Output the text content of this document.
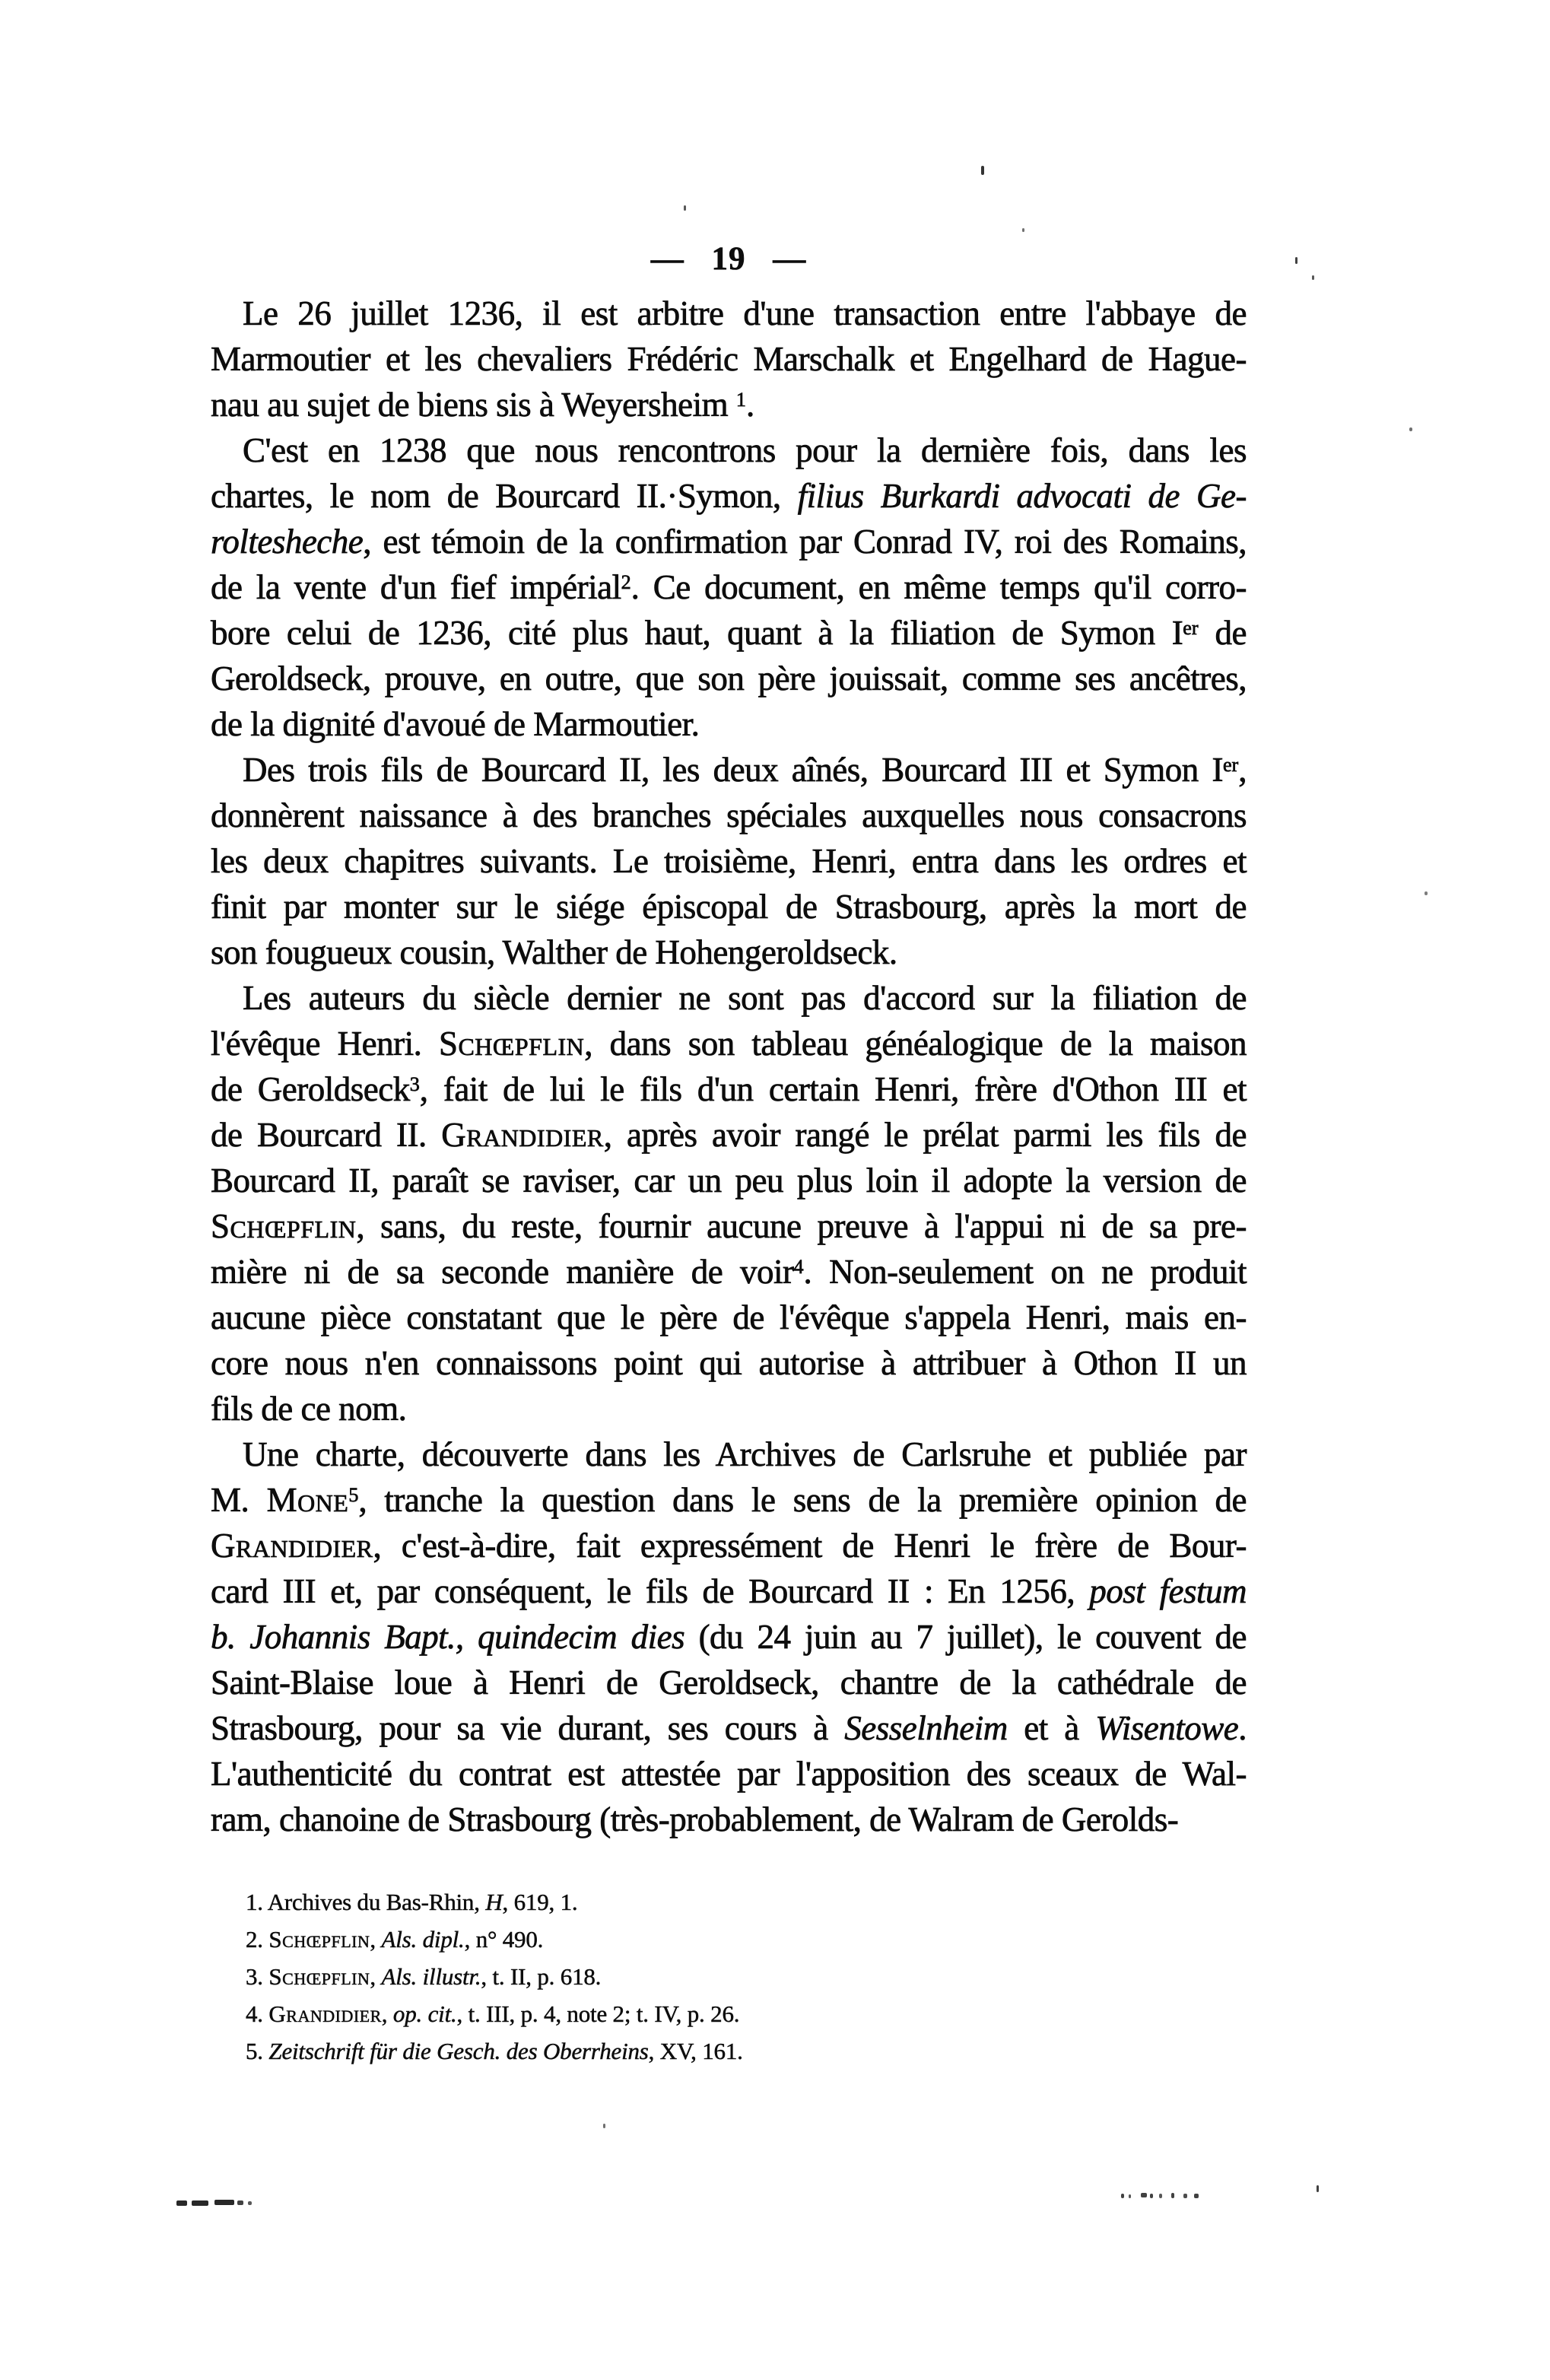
— 19 —
Le 26 juillet 1236, il est arbitre d'une transaction entre l'abbaye de
Marmoutier et les chevaliers Frédéric Marschalk et Engelhard de Hague-
nau au sujet de biens sis à Weyersheim $^1$.
C'est en 1238 que nous rencontrons pour la dernière fois, dans les
chartes, le nom de Bourcard II.·Symon, filius Burkardi advocati de Ge-
roltesheche, est témoin de la confirmation par Conrad IV, roi des Romains,
de la vente d'un fief impérial$^2$. Ce document, en même temps qu'il corro-
bore celui de 1236, cité plus haut, quant à la filiation de Symon Ier de
Geroldseck, prouve, en outre, que son père jouissait, comme ses ancêtres,
de la dignité d'avoué de Marmoutier.
Des trois fils de Bourcard II, les deux aînés, Bourcard III et Symon Ier,
donnèrent naissance à des branches spéciales auxquelles nous consacrons
les deux chapitres suivants. Le troisième, Henri, entra dans les ordres et
finit par monter sur le siége épiscopal de Strasbourg, après la mort de
son fougueux cousin, Walther de Hohengeroldseck.
Les auteurs du siècle dernier ne sont pas d'accord sur la filiation de
l'évêque Henri. Schœpflin, dans son tableau généalogique de la maison
de Geroldseck$^3$, fait de lui le fils d'un certain Henri, frère d'Othon III et
de Bourcard II. Grandidier, après avoir rangé le prélat parmi les fils de
Bourcard II, paraît se raviser, car un peu plus loin il adopte la version de
Schœpflin, sans, du reste, fournir aucune preuve à l'appui ni de sa pre-
mière ni de sa seconde manière de voir$^4$. Non-seulement on ne produit
aucune pièce constatant que le père de l'évêque s'appela Henri, mais en-
core nous n'en connaissons point qui autorise à attribuer à Othon II un
fils de ce nom.
Une charte, découverte dans les Archives de Carlsruhe et publiée par
M. Mone$^5$, tranche la question dans le sens de la première opinion de
Grandidier, c'est-à-dire, fait expressément de Henri le frère de Bour-
card III et, par conséquent, le fils de Bourcard II : En 1256, post festum
b. Johannis Bapt., quindecim dies (du 24 juin au 7 juillet), le couvent de
Saint-Blaise loue à Henri de Geroldseck, chantre de la cathédrale de
Strasbourg, pour sa vie durant, ses cours à Sesselnheim et à Wisentowe.
L'authenticité du contrat est attestée par l'apposition des sceaux de Wal-
ram, chanoine de Strasbourg (très-probablement, de Walram de Gerolds-
1. Archives du Bas-Rhin, H, 619, 1.
2. Schœpflin, Als. dipl., n° 490.
3. Schœpflin, Als. illustr., t. II, p. 618.
4. Grandidier, op. cit., t. III, p. 4, note 2; t. IV, p. 26.
5. Zeitschrift für die Gesch. des Oberrheins, XV, 161.
